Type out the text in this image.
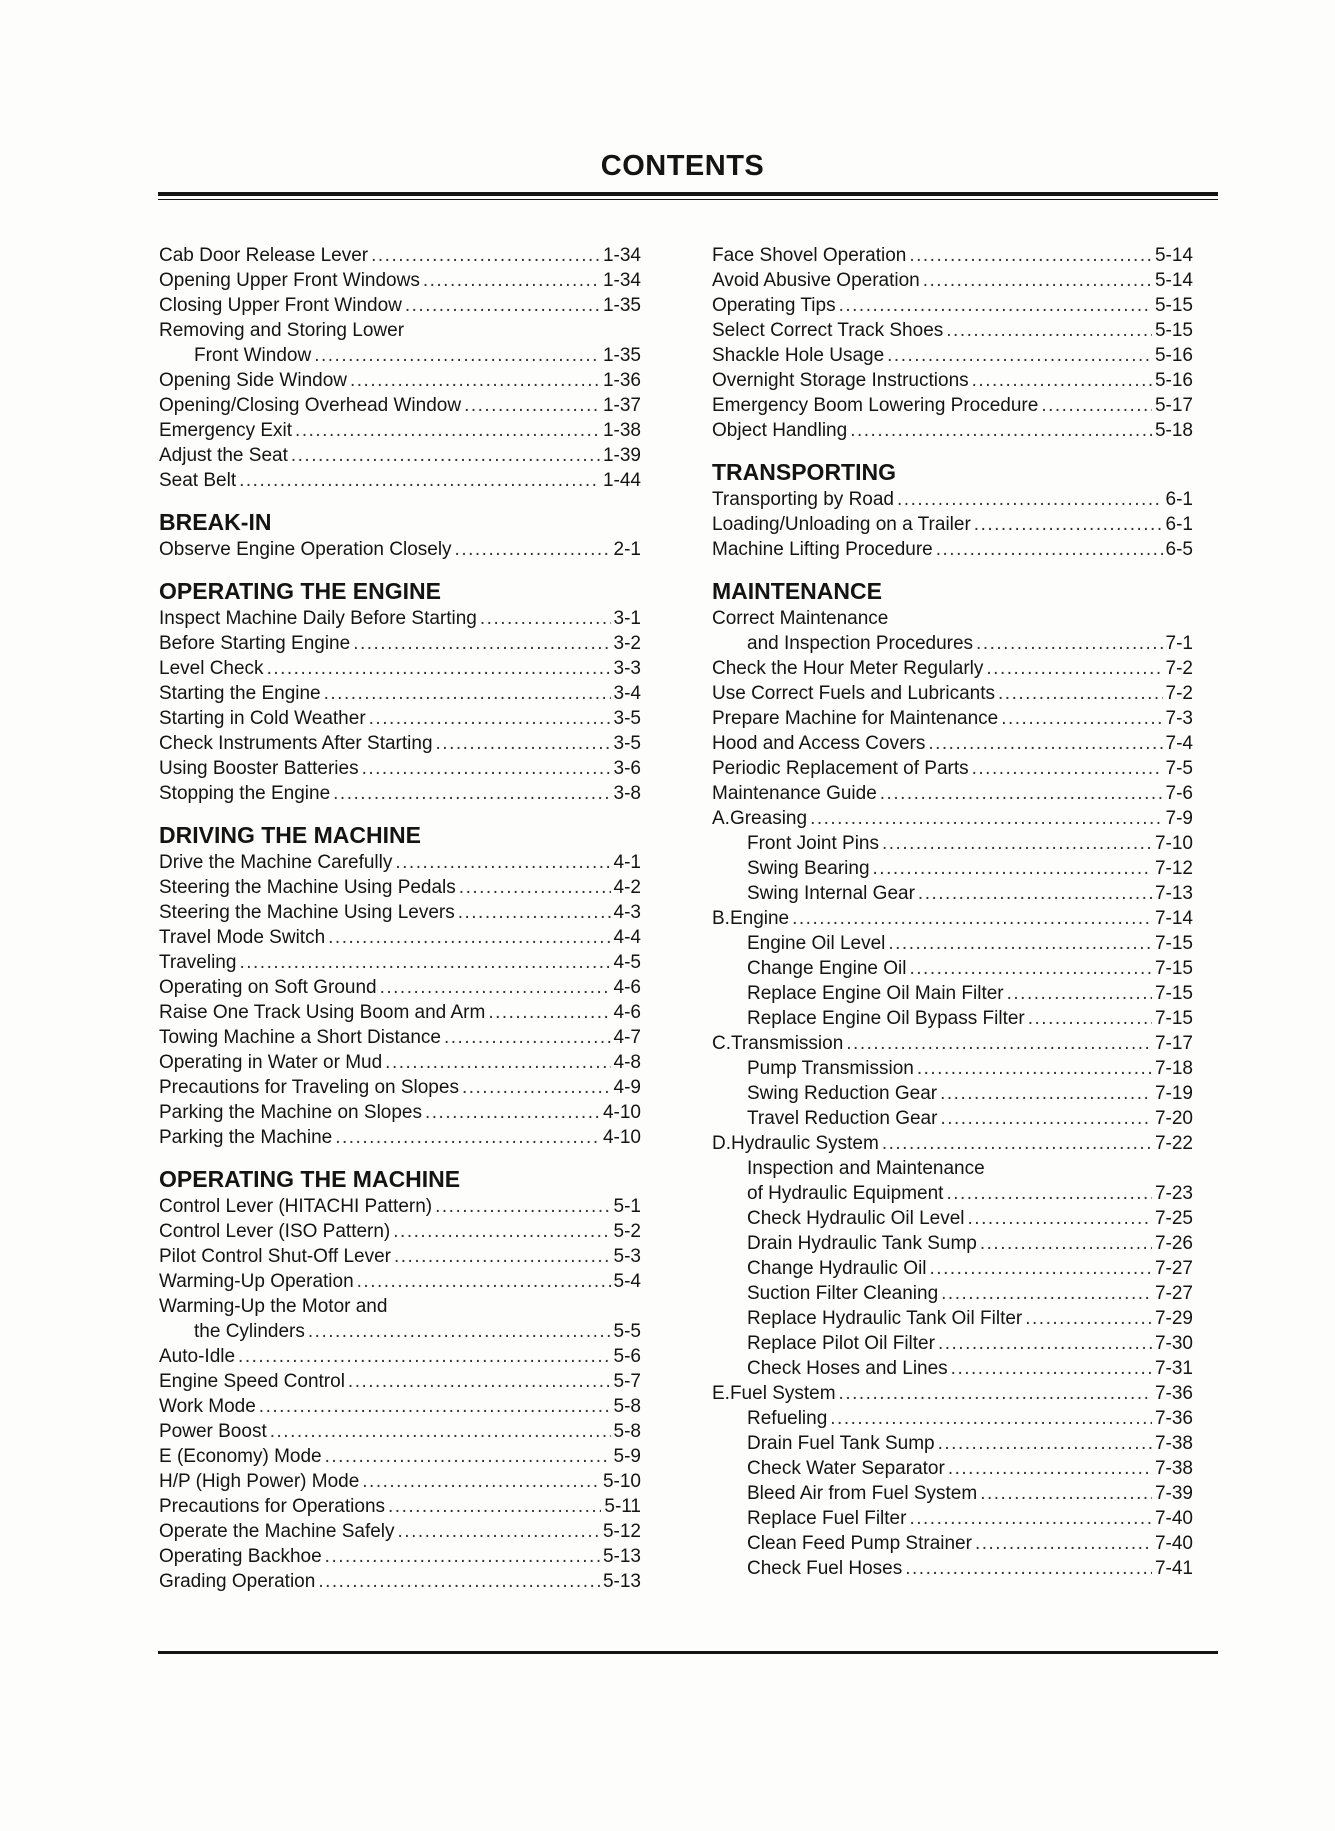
CONTENTS
Cab Door Release Lever .....	1-34
Opening Upper Front Windows .....	1-34
Closing Upper Front Window .....	1-35
Removing and Storing Lower
Front Window .....	1-35
Opening Side Window .....	1-36
Opening/Closing Overhead Window .....	1-37
Emergency Exit .....	1-38
Adjust the Seat .....	1-39
Seat Belt .....	1-44
BREAK-IN
Observe Engine Operation Closely .....	2-1
OPERATING THE ENGINE
Inspect Machine Daily Before Starting .....	3-1
Before Starting Engine .....	3-2
Level Check .....	3-3
Starting the Engine .....	3-4
Starting in Cold Weather .....	3-5
Check Instruments After Starting .....	3-5
Using Booster Batteries .....	3-6
Stopping the Engine .....	3-8
DRIVING THE MACHINE
Drive the Machine Carefully .....	4-1
Steering the Machine Using Pedals .....	4-2
Steering the Machine Using Levers .....	4-3
Travel Mode Switch .....	4-4
Traveling .....	4-5
Operating on Soft Ground .....	4-6
Raise One Track Using Boom and Arm .....	4-6
Towing Machine a Short Distance .....	4-7
Operating in Water or Mud .....	4-8
Precautions for Traveling on Slopes .....	4-9
Parking the Machine on Slopes .....	4-10
Parking the Machine .....	4-10
OPERATING THE MACHINE
Control Lever (HITACHI Pattern) .....	5-1
Control Lever (ISO Pattern) .....	5-2
Pilot Control Shut-Off Lever .....	5-3
Warming-Up Operation .....	5-4
Warming-Up the Motor and
the Cylinders .....	5-5
Auto-Idle .....	5-6
Engine Speed Control .....	5-7
Work Mode .....	5-8
Power Boost .....	5-8
E (Economy) Mode .....	5-9
H/P (High Power) Mode .....	5-10
Precautions for Operations .....	5-11
Operate the Machine Safely .....	5-12
Operating Backhoe .....	5-13
Grading Operation .....	5-13
Face Shovel Operation .....	5-14
Avoid Abusive Operation .....	5-14
Operating Tips .....	5-15
Select Correct Track Shoes .....	5-15
Shackle Hole Usage .....	5-16
Overnight Storage Instructions .....	5-16
Emergency Boom Lowering Procedure .....	5-17
Object Handling .....	5-18
TRANSPORTING
Transporting by Road .....	6-1
Loading/Unloading on a Trailer .....	6-1
Machine Lifting Procedure .....	6-5
MAINTENANCE
Correct Maintenance
and Inspection Procedures .....	7-1
Check the Hour Meter Regularly .....	7-2
Use Correct Fuels and Lubricants .....	7-2
Prepare Machine for Maintenance .....	7-3
Hood and Access Covers .....	7-4
Periodic Replacement of Parts .....	7-5
Maintenance Guide .....	7-6
A. Greasing .....	7-9
Front Joint Pins .....	7-10
Swing Bearing .....	7-12
Swing Internal Gear .....	7-13
B. Engine .....	7-14
Engine Oil Level .....	7-15
Change Engine Oil .....	7-15
Replace Engine Oil Main Filter .....	7-15
Replace Engine Oil Bypass Filter .....	7-15
C. Transmission .....	7-17
Pump Transmission .....	7-18
Swing Reduction Gear .....	7-19
Travel Reduction Gear .....	7-20
D. Hydraulic System .....	7-22
Inspection and Maintenance
of Hydraulic Equipment .....	7-23
Check Hydraulic Oil Level .....	7-25
Drain Hydraulic Tank Sump .....	7-26
Change Hydraulic Oil .....	7-27
Suction Filter Cleaning .....	7-27
Replace Hydraulic Tank Oil Filter .....	7-29
Replace Pilot Oil Filter .....	7-30
Check Hoses and Lines .....	7-31
E. Fuel System .....	7-36
Refueling .....	7-36
Drain Fuel Tank Sump .....	7-38
Check Water Separator .....	7-38
Bleed Air from Fuel System .....	7-39
Replace Fuel Filter .....	7-40
Clean Feed Pump Strainer .....	7-40
Check Fuel Hoses .....	7-41
